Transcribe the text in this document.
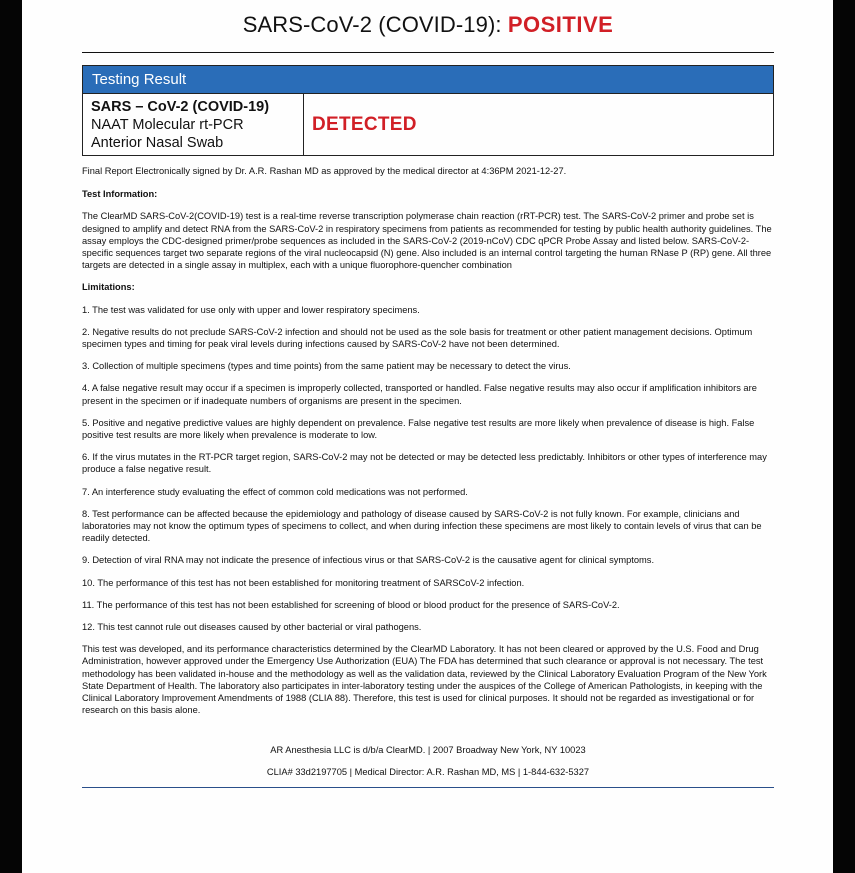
SARS-CoV-2 (COVID-19): POSITIVE
Testing Result
SARS – CoV-2 (COVID-19)
NAAT Molecular rt-PCR
Anterior Nasal Swab
DETECTED
Final Report Electronically signed by Dr. A.R. Rashan MD as approved by the medical director at 4:36PM 2021-12-27.
Test Information:
The ClearMD SARS-CoV-2(COVID-19) test is a real-time reverse transcription polymerase chain reaction (rRT-PCR) test. The SARS-CoV-2 primer and probe set is designed to amplify and detect RNA from the SARS-CoV-2 in respiratory specimens from patients as recommended for testing by public health authority guidelines. The assay employs the CDC-designed primer/probe sequences as included in the SARS-CoV-2 (2019-nCoV) CDC qPCR Probe Assay and listed below. SARS-CoV-2-specific sequences target two separate regions of the viral nucleocapsid (N) gene. Also included is an internal control targeting the human RNase P (RP) gene. All three targets are detected in a single assay in multiplex, each with a unique fluorophore-quencher combination
Limitations:
1. The test was validated for use only with upper and lower respiratory specimens.
2. Negative results do not preclude SARS-CoV-2 infection and should not be used as the sole basis for treatment or other patient management decisions. Optimum specimen types and timing for peak viral levels during infections caused by SARS-CoV-2 have not been determined.
3. Collection of multiple specimens (types and time points) from the same patient may be necessary to detect the virus.
4. A false negative result may occur if a specimen is improperly collected, transported or handled. False negative results may also occur if amplification inhibitors are present in the specimen or if inadequate numbers of organisms are present in the specimen.
5. Positive and negative predictive values are highly dependent on prevalence. False negative test results are more likely when prevalence of disease is high. False positive test results are more likely when prevalence is moderate to low.
6. If the virus mutates in the RT-PCR target region, SARS-CoV-2 may not be detected or may be detected less predictably. Inhibitors or other types of interference may produce a false negative result.
7. An interference study evaluating the effect of common cold medications was not performed.
8. Test performance can be affected because the epidemiology and pathology of disease caused by SARS-CoV-2 is not fully known. For example, clinicians and laboratories may not know the optimum types of specimens to collect, and when during infection these specimens are most likely to contain levels of virus that can be readily detected.
9. Detection of viral RNA may not indicate the presence of infectious virus or that SARS-CoV-2 is the causative agent for clinical symptoms.
10. The performance of this test has not been established for monitoring treatment of SARSCoV-2 infection.
11. The performance of this test has not been established for screening of blood or blood product for the presence of SARS-CoV-2.
12. This test cannot rule out diseases caused by other bacterial or viral pathogens.
This test was developed, and its performance characteristics determined by the ClearMD Laboratory. It has not been cleared or approved by the U.S. Food and Drug Administration, however approved under the Emergency Use Authorization (EUA) The FDA has determined that such clearance or approval is not necessary. The test methodology has been validated in-house and the methodology as well as the validation data, reviewed by the Clinical Laboratory Evaluation Program of the New York State Department of Health. The laboratory also participates in inter-laboratory testing under the auspices of the College of American Pathologists, in keeping with the Clinical Laboratory Improvement Amendments of 1988 (CLIA 88). Therefore, this test is used for clinical purposes. It should not be regarded as investigational or for research on this basis alone.
AR Anesthesia LLC is d/b/a ClearMD. | 2007 Broadway New York, NY 10023
CLIA# 33d2197705 | Medical Director: A.R. Rashan MD, MS | 1-844-632-5327
